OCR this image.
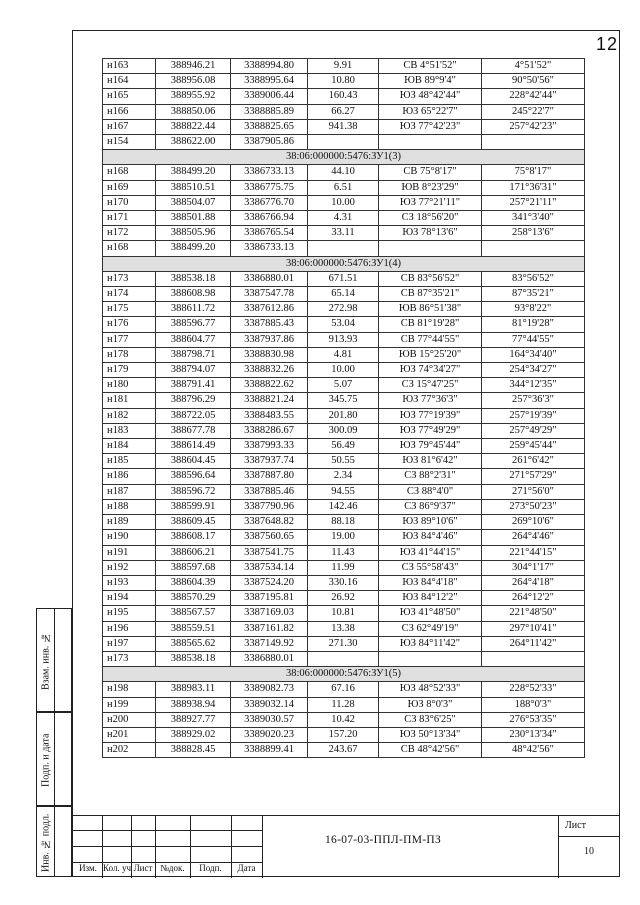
12
Взам. инв. №
Подп. и дата
Инв. № подл.
н163	388946.21	3388994.80	9.91	СВ 4°51'52"	4°51'52"
н164	388956.08	3388995.64	10.80	ЮВ 89°9'4"	90°50'56"
н165	388955.92	3389006.44	160.43	ЮЗ 48°42'44"	228°42'44"
н166	388850.06	3388885.89	66.27	ЮЗ 65°22'7"	245°22'7"
н167	388822.44	3388825.65	941.38	ЮЗ 77°42'23"	257°42'23"
н154	388622.00	3387905.86			
38:06:000000:5476:ЗУ1(3)					
н168	388499.20	3386733.13	44.10	СВ 75°8'17"	75°8'17"
н169	388510.51	3386775.75	6.51	ЮВ 8°23'29"	171°36'31"
н170	388504.07	3386776.70	10.00	ЮЗ 77°21'11"	257°21'11"
н171	388501.88	3386766.94	4.31	СЗ 18°56'20"	341°3'40"
н172	388505.96	3386765.54	33.11	ЮЗ 78°13'6"	258°13'6"
н168	388499.20	3386733.13			
38:06:000000:5476:ЗУ1(4)					
н173	388538.18	3386880.01	671.51	СВ 83°56'52"	83°56'52"
н174	388608.98	3387547.78	65.14	СВ 87°35'21"	87°35'21"
н175	388611.72	3387612.86	272.98	ЮВ 86°51'38"	93°8'22"
н176	388596.77	3387885.43	53.04	СВ 81°19'28"	81°19'28"
н177	388604.77	3387937.86	913.93	СВ 77°44'55"	77°44'55"
н178	388798.71	3388830.98	4.81	ЮВ 15°25'20"	164°34'40"
н179	388794.07	3388832.26	10.00	ЮЗ 74°34'27"	254°34'27"
н180	388791.41	3388822.62	5.07	СЗ 15°47'25"	344°12'35"
н181	388796.29	3388821.24	345.75	ЮЗ 77°36'3"	257°36'3"
н182	388722.05	3388483.55	201.80	ЮЗ 77°19'39"	257°19'39"
н183	388677.78	3388286.67	300.09	ЮЗ 77°49'29"	257°49'29"
н184	388614.49	3387993.33	56.49	ЮЗ 79°45'44"	259°45'44"
н185	388604.45	3387937.74	50.55	ЮЗ 81°6'42"	261°6'42"
н186	388596.64	3387887.80	2.34	СЗ 88°2'31"	271°57'29"
н187	388596.72	3387885.46	94.55	СЗ 88°4'0"	271°56'0"
н188	388599.91	3387790.96	142.46	СЗ 86°9'37"	273°50'23"
н189	388609.45	3387648.82	88.18	ЮЗ 89°10'6"	269°10'6"
н190	388608.17	3387560.65	19.00	ЮЗ 84°4'46"	264°4'46"
н191	388606.21	3387541.75	11.43	ЮЗ 41°44'15"	221°44'15"
н192	388597.68	3387534.14	11.99	СЗ 55°58'43"	304°1'17"
н193	388604.39	3387524.20	330.16	ЮЗ 84°4'18"	264°4'18"
н194	388570.29	3387195.81	26.92	ЮЗ 84°12'2"	264°12'2"
н195	388567.57	3387169.03	10.81	ЮЗ 41°48'50"	221°48'50"
н196	388559.51	3387161.82	13.38	СЗ 62°49'19"	297°10'41"
н197	388565.62	3387149.92	271.30	ЮЗ 84°11'42"	264°11'42"
н173	388538.18	3386880.01			
38:06:000000:5476:ЗУ1(5)					
н198	388983.11	3389082.73	67.16	ЮЗ 48°52'33"	228°52'33"
н199	388938.94	3389032.14	11.28	ЮЗ 8°0'3"	188°0'3"
н200	388927.77	3389030.57	10.42	СЗ 83°6'25"	276°53'35"
н201	388929.02	3389020.23	157.20	ЮЗ 50°13'34"	230°13'34"
н202	388828.45	3388899.41	243.67	СВ 48°42'56"	48°42'56"
Изм. Кол. уч Лист №док.	Подп.	Дата
16-07-03-ППЛ-ПМ-ПЗ
Лист
10
